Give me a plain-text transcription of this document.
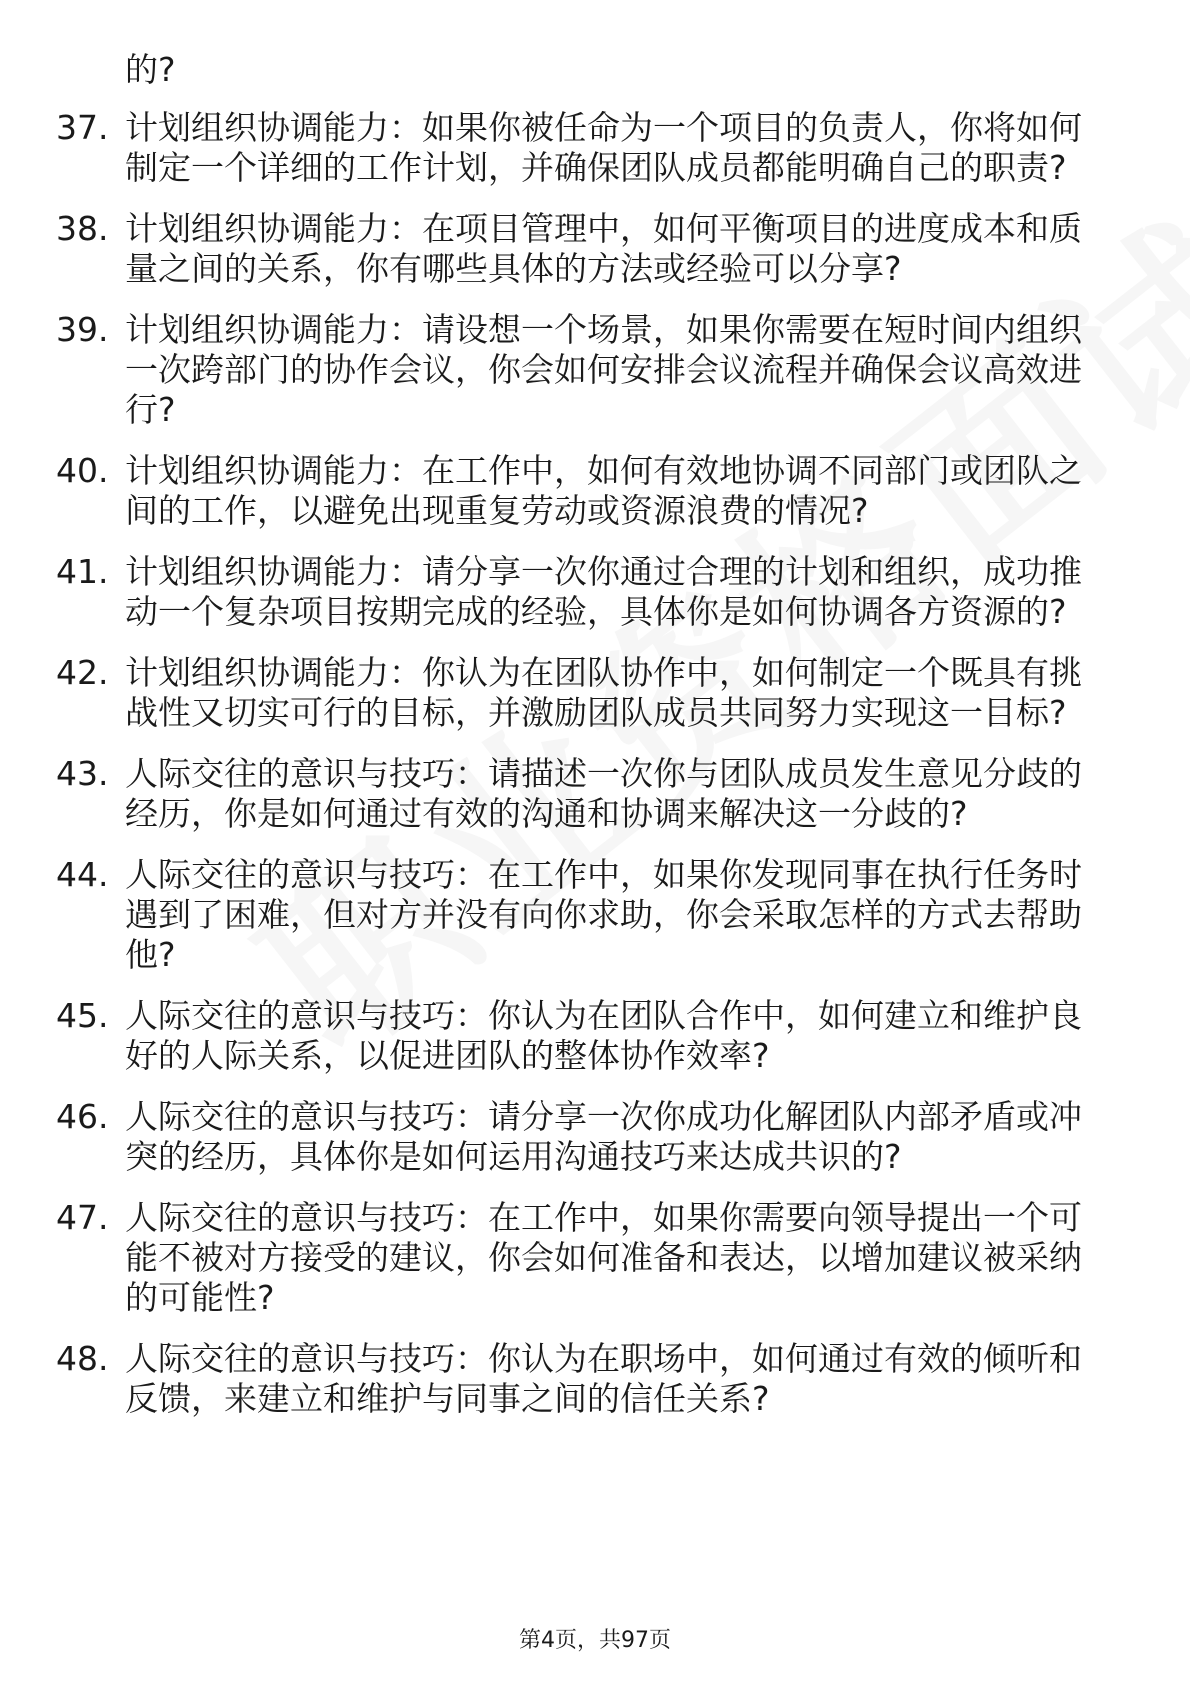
的?

37. 计划组织协调能力：如果你被任命为一个项目的负责人，你将如何制定一个详细的工作计划，并确保团队成员都能明确自己的职责?
38. 计划组织协调能力：在项目管理中，如何平衡项目的进度成本和质量之间的关系，你有哪些具体的方法或经验可以分享?
39. 计划组织协调能力：请设想一个场景，如果你需要在短时间内组织一次跨部门的协作会议，你会如何安排会议流程并确保会议高效进行?
40. 计划组织协调能力：在工作中，如何有效地协调不同部门或团队之间的工作，以避免出现重复劳动或资源浪费的情况?
41. 计划组织协调能力：请分享一次你通过合理的计划和组织，成功推动一个复杂项目按期完成的经验，具体你是如何协调各方资源的?
42. 计划组织协调能力：你认为在团队协作中，如何制定一个既具有挑战性又切实可行的目标，并激励团队成员共同努力实现这一目标?
43. 人际交往的意识与技巧：请描述一次你与团队成员发生意见分歧的经历，你是如何通过有效的沟通和协调来解决这一分歧的?
44. 人际交往的意识与技巧：在工作中，如果你发现同事在执行任务时遇到了困难，但对方并没有向你求助，你会采取怎样的方式去帮助他?
45. 人际交往的意识与技巧：你认为在团队合作中，如何建立和维护良好的人际关系，以促进团队的整体协作效率?
46. 人际交往的意识与技巧：请分享一次你成功化解团队内部矛盾或冲突的经历，具体你是如何运用沟通技巧来达成共识的?
47. 人际交往的意识与技巧：在工作中，如果你需要向领导提出一个可能不被对方接受的建议，你会如何准备和表达，以增加建议被采纳的可能性?
48. 人际交往的意识与技巧：你认为在职场中，如何通过有效的倾听和反馈，来建立和维护与同事之间的信任关系?
第4页，共97页
